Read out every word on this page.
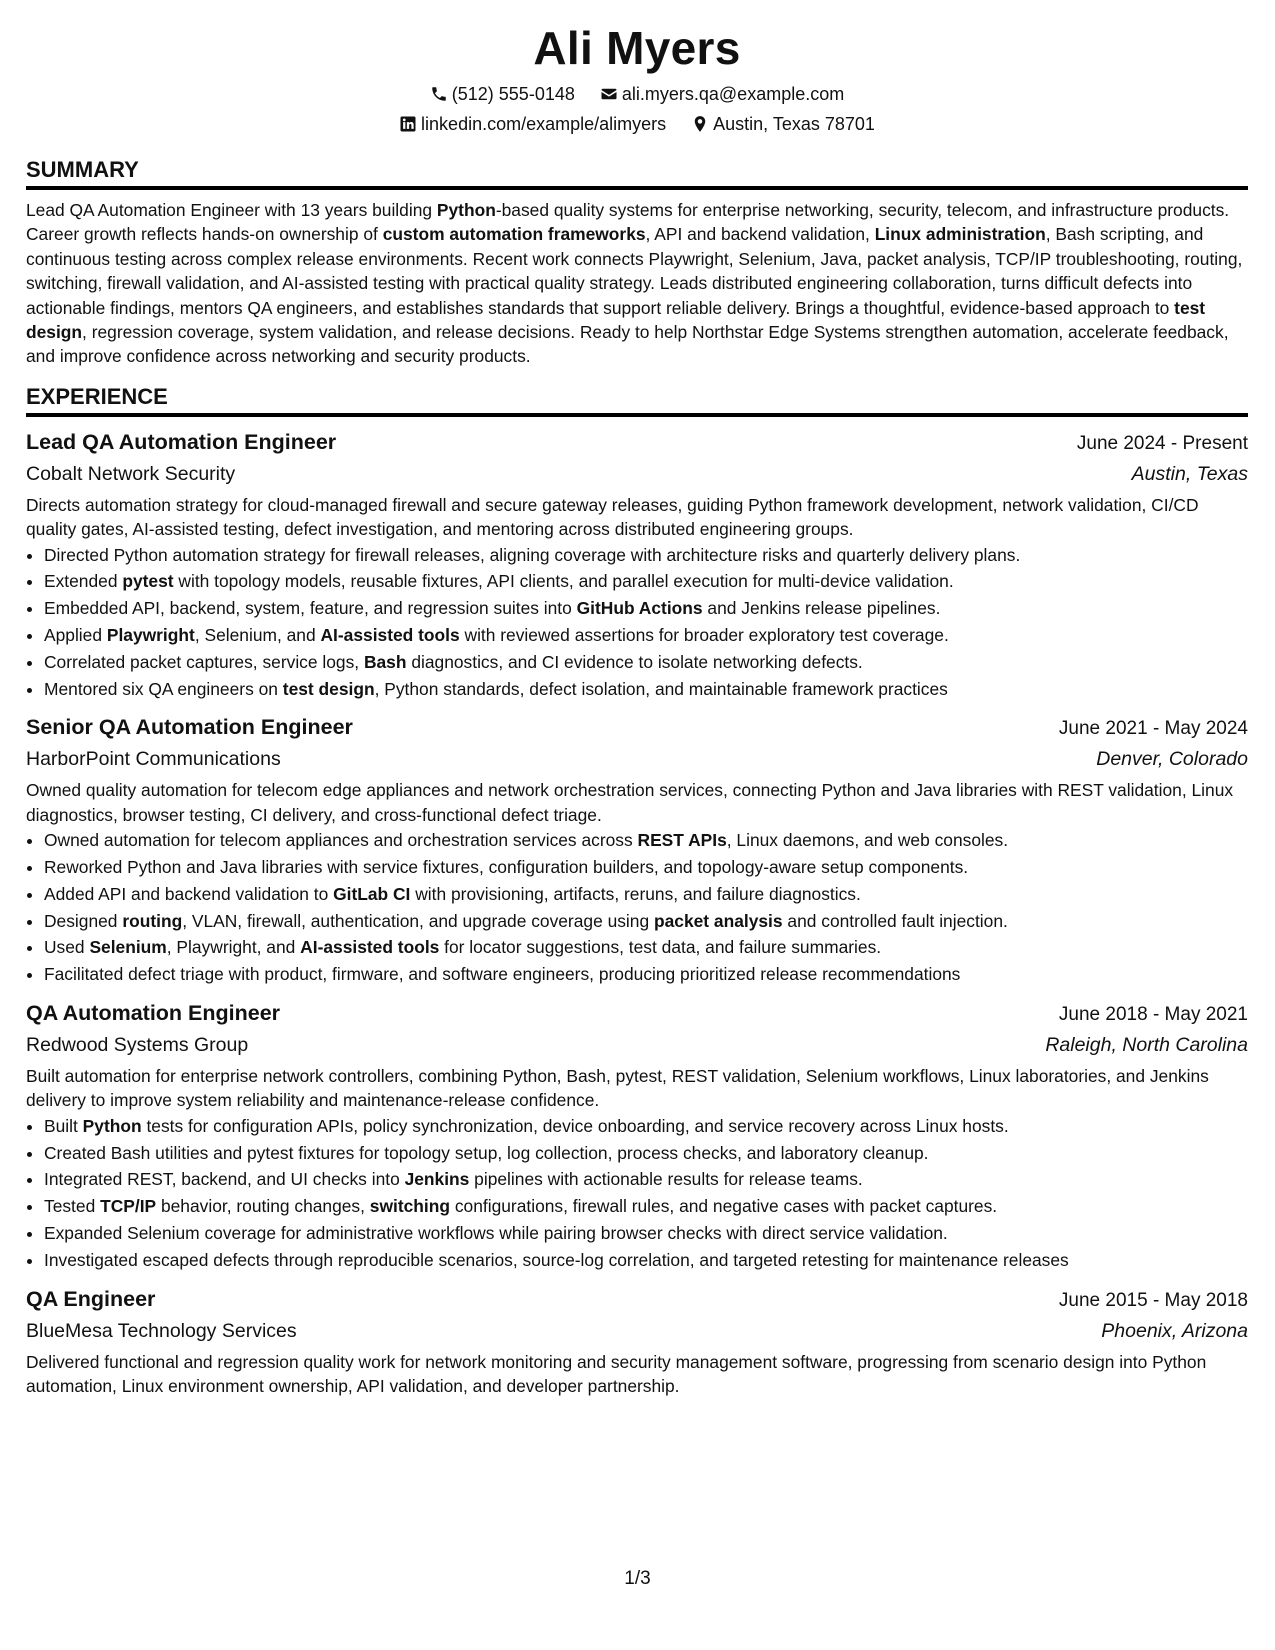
Ali Myers
(512) 555-0148	ali.myers.qa@example.com
linkedin.com/example/alimyers	Austin, Texas 78701
SUMMARY

Lead QA Automation Engineer with 13 years building Python-based quality systems for enterprise networking, security, telecom, and infrastructure products. Career growth reflects hands-on ownership of custom automation frameworks, API and backend validation, Linux administration, Bash scripting, and continuous testing across complex release environments. Recent work connects Playwright, Selenium, Java, packet analysis, TCP/IP troubleshooting, routing, switching, firewall validation, and AI-assisted testing with practical quality strategy. Leads distributed engineering collaboration, turns difficult defects into actionable findings, mentors QA engineers, and establishes standards that support reliable delivery. Brings a thoughtful, evidence-based approach to test design, regression coverage, system validation, and release decisions. Ready to help Northstar Edge Systems strengthen automation, accelerate feedback, and improve confidence across networking and security products.

EXPERIENCE
Lead QA Automation Engineer	June 2024 - Present
Cobalt Network Security	Austin, Texas

Directs automation strategy for cloud-managed firewall and secure gateway releases, guiding Python framework development, network validation, CI/CD quality gates, AI-assisted testing, defect investigation, and mentoring across distributed engineering groups.

• Directed Python automation strategy for firewall releases, aligning coverage with architecture risks and quarterly delivery plans.
• Extended pytest with topology models, reusable fixtures, API clients, and parallel execution for multi-device validation.
• Embedded API, backend, system, feature, and regression suites into GitHub Actions and Jenkins release pipelines.
• Applied Playwright, Selenium, and AI-assisted tools with reviewed assertions for broader exploratory test coverage.
• Correlated packet captures, service logs, Bash diagnostics, and CI evidence to isolate networking defects.
• Mentored six QA engineers on test design, Python standards, defect isolation, and maintainable framework practices
Senior QA Automation Engineer	June 2021 - May 2024
HarborPoint Communications	Denver, Colorado

Owned quality automation for telecom edge appliances and network orchestration services, connecting Python and Java libraries with REST validation, Linux diagnostics, browser testing, CI delivery, and cross-functional defect triage.

• Owned automation for telecom appliances and orchestration services across REST APIs, Linux daemons, and web consoles.
• Reworked Python and Java libraries with service fixtures, configuration builders, and topology-aware setup components.
• Added API and backend validation to GitLab CI with provisioning, artifacts, reruns, and failure diagnostics.
• Designed routing, VLAN, firewall, authentication, and upgrade coverage using packet analysis and controlled fault injection.
• Used Selenium, Playwright, and AI-assisted tools for locator suggestions, test data, and failure summaries.
• Facilitated defect triage with product, firmware, and software engineers, producing prioritized release recommendations
QA Automation Engineer	June 2018 - May 2021
Redwood Systems Group	Raleigh, North Carolina

Built automation for enterprise network controllers, combining Python, Bash, pytest, REST validation, Selenium workflows, Linux laboratories, and Jenkins delivery to improve system reliability and maintenance-release confidence.

• Built Python tests for configuration APIs, policy synchronization, device onboarding, and service recovery across Linux hosts.
• Created Bash utilities and pytest fixtures for topology setup, log collection, process checks, and laboratory cleanup.
• Integrated REST, backend, and UI checks into Jenkins pipelines with actionable results for release teams.
• Tested TCP/IP behavior, routing changes, switching configurations, firewall rules, and negative cases with packet captures.
• Expanded Selenium coverage for administrative workflows while pairing browser checks with direct service validation.
• Investigated escaped defects through reproducible scenarios, source-log correlation, and targeted retesting for maintenance releases
QA Engineer	June 2015 - May 2018
BlueMesa Technology Services	Phoenix, Arizona

Delivered functional and regression quality work for network monitoring and security management software, progressing from scenario design into Python automation, Linux environment ownership, API validation, and developer partnership.

1/3
